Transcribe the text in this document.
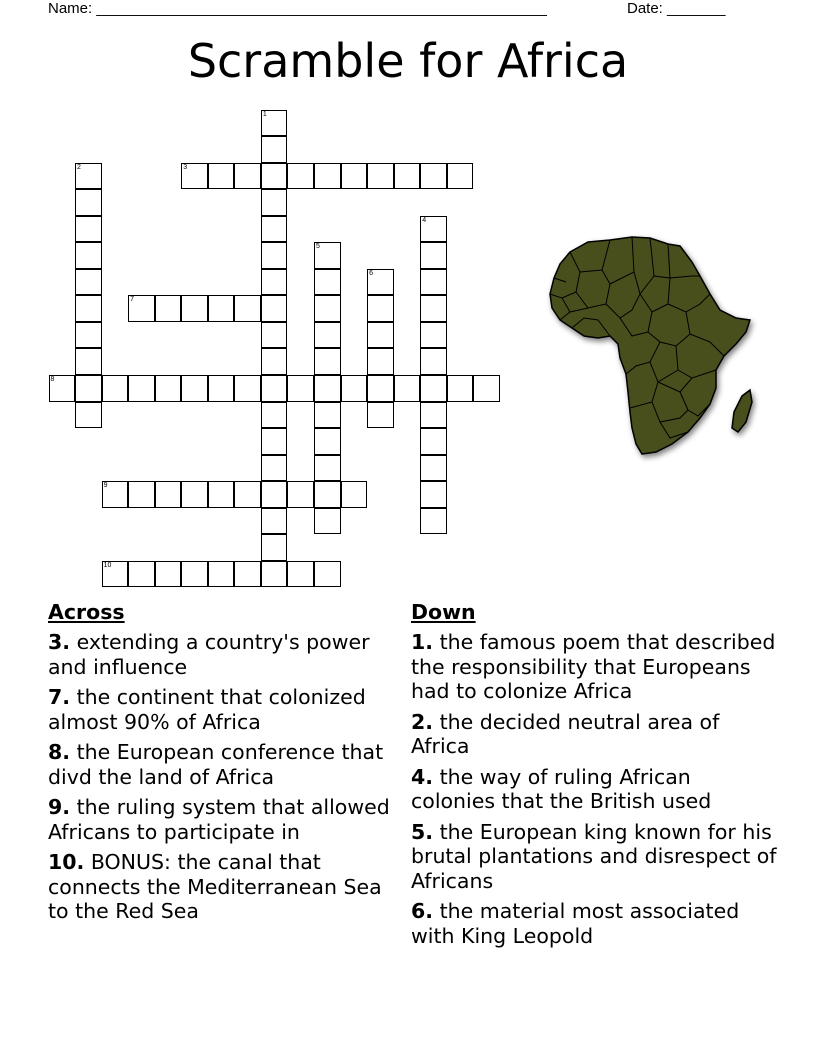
Name: ______________________________________________________	Date: _______
Scramble for Africa
1
2	3
4
5
6
7
8
9
10
Across
3. extending a country's power and influence
7. the continent that colonized almost 90% of Africa
8. the European conference that divd the land of Africa
9. the ruling system that allowed Africans to participate in
10. BONUS: the canal that connects the Mediterranean Sea to the Red Sea
Down
1. the famous poem that described the responsibility that Europeans had to colonize Africa
2. the decided neutral area of Africa
4. the way of ruling African colonies that the British used
5. the European king known for his brutal plantations and disrespect of Africans
6. the material most associated with King Leopold
